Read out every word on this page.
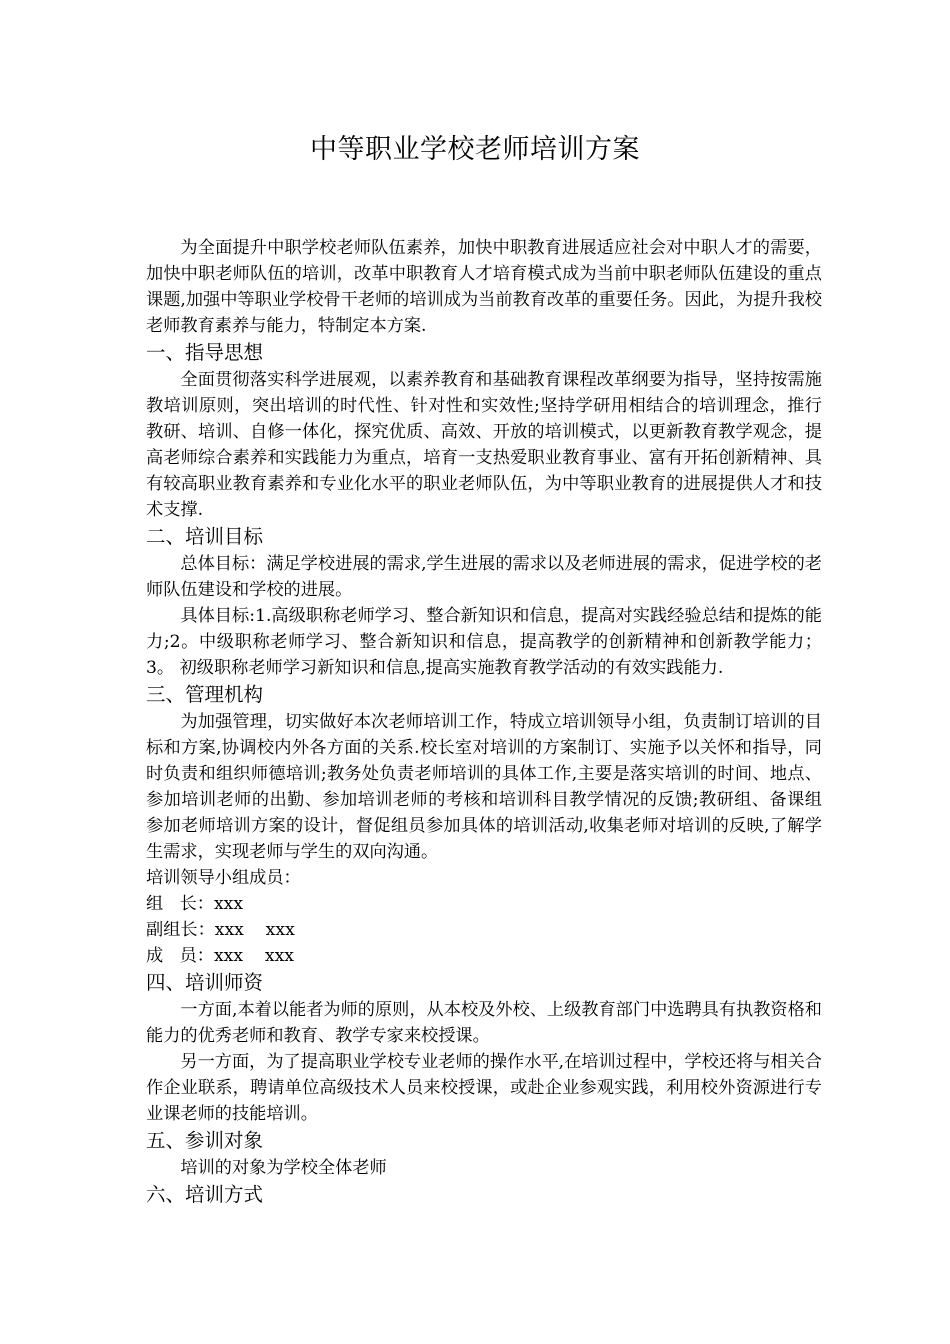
中等职业学校老师培训方案

为全面提升中职学校老师队伍素养，加快中职教育进展适应社会对中职人才的需要，加快中职老师队伍的培训，改革中职教育人才培育模式成为当前中职老师队伍建设的重点课题,加强中等职业学校骨干老师的培训成为当前教育改革的重要任务。因此，为提升我校老师教育素养与能力，特制定本方案.

一、指导思想

全面贯彻落实科学进展观，以素养教育和基础教育课程改革纲要为指导，坚持按需施教培训原则，突出培训的时代性、针对性和实效性;坚持学研用相结合的培训理念，推行教研、培训、自修一体化，探究优质、高效、开放的培训模式，以更新教育教学观念，提高老师综合素养和实践能力为重点，培育一支热爱职业教育事业、富有开拓创新精神、具有较高职业教育素养和专业化水平的职业老师队伍，为中等职业教育的进展提供人才和技术支撑.

二、培训目标

总体目标：满足学校进展的需求,学生进展的需求以及老师进展的需求，促进学校的老师队伍建设和学校的进展。

具体目标:1.高级职称老师学习、整合新知识和信息，提高对实践经验总结和提炼的能力;2。中级职称老师学习、整合新知识和信息，提高教学的创新精神和创新教学能力；3。 初级职称老师学习新知识和信息,提高实施教育教学活动的有效实践能力.

三、管理机构

为加强管理，切实做好本次老师培训工作，特成立培训领导小组，负责制订培训的目标和方案,协调校内外各方面的关系.校长室对培训的方案制订、实施予以关怀和指导，同时负责和组织师德培训;教务处负责老师培训的具体工作,主要是落实培训的时间、地点、参加培训老师的出勤、参加培训老师的考核和培训科目教学情况的反馈;教研组、备课组参加老师培训方案的设计，督促组员参加具体的培训活动,收集老师对培训的反映,了解学生需求，实现老师与学生的双向沟通。

培训领导小组成员：

组   长：xxx

副组长：xxx    xxx

成   员：xxx    xxx

四、培训师资

一方面,本着以能者为师的原则，从本校及外校、上级教育部门中选聘具有执教资格和能力的优秀老师和教育、教学专家来校授课。

另一方面，为了提高职业学校专业老师的操作水平,在培训过程中，学校还将与相关合作企业联系，聘请单位高级技术人员来校授课，或赴企业参观实践，利用校外资源进行专业课老师的技能培训。

五、参训对象

培训的对象为学校全体老师

六、培训方式
